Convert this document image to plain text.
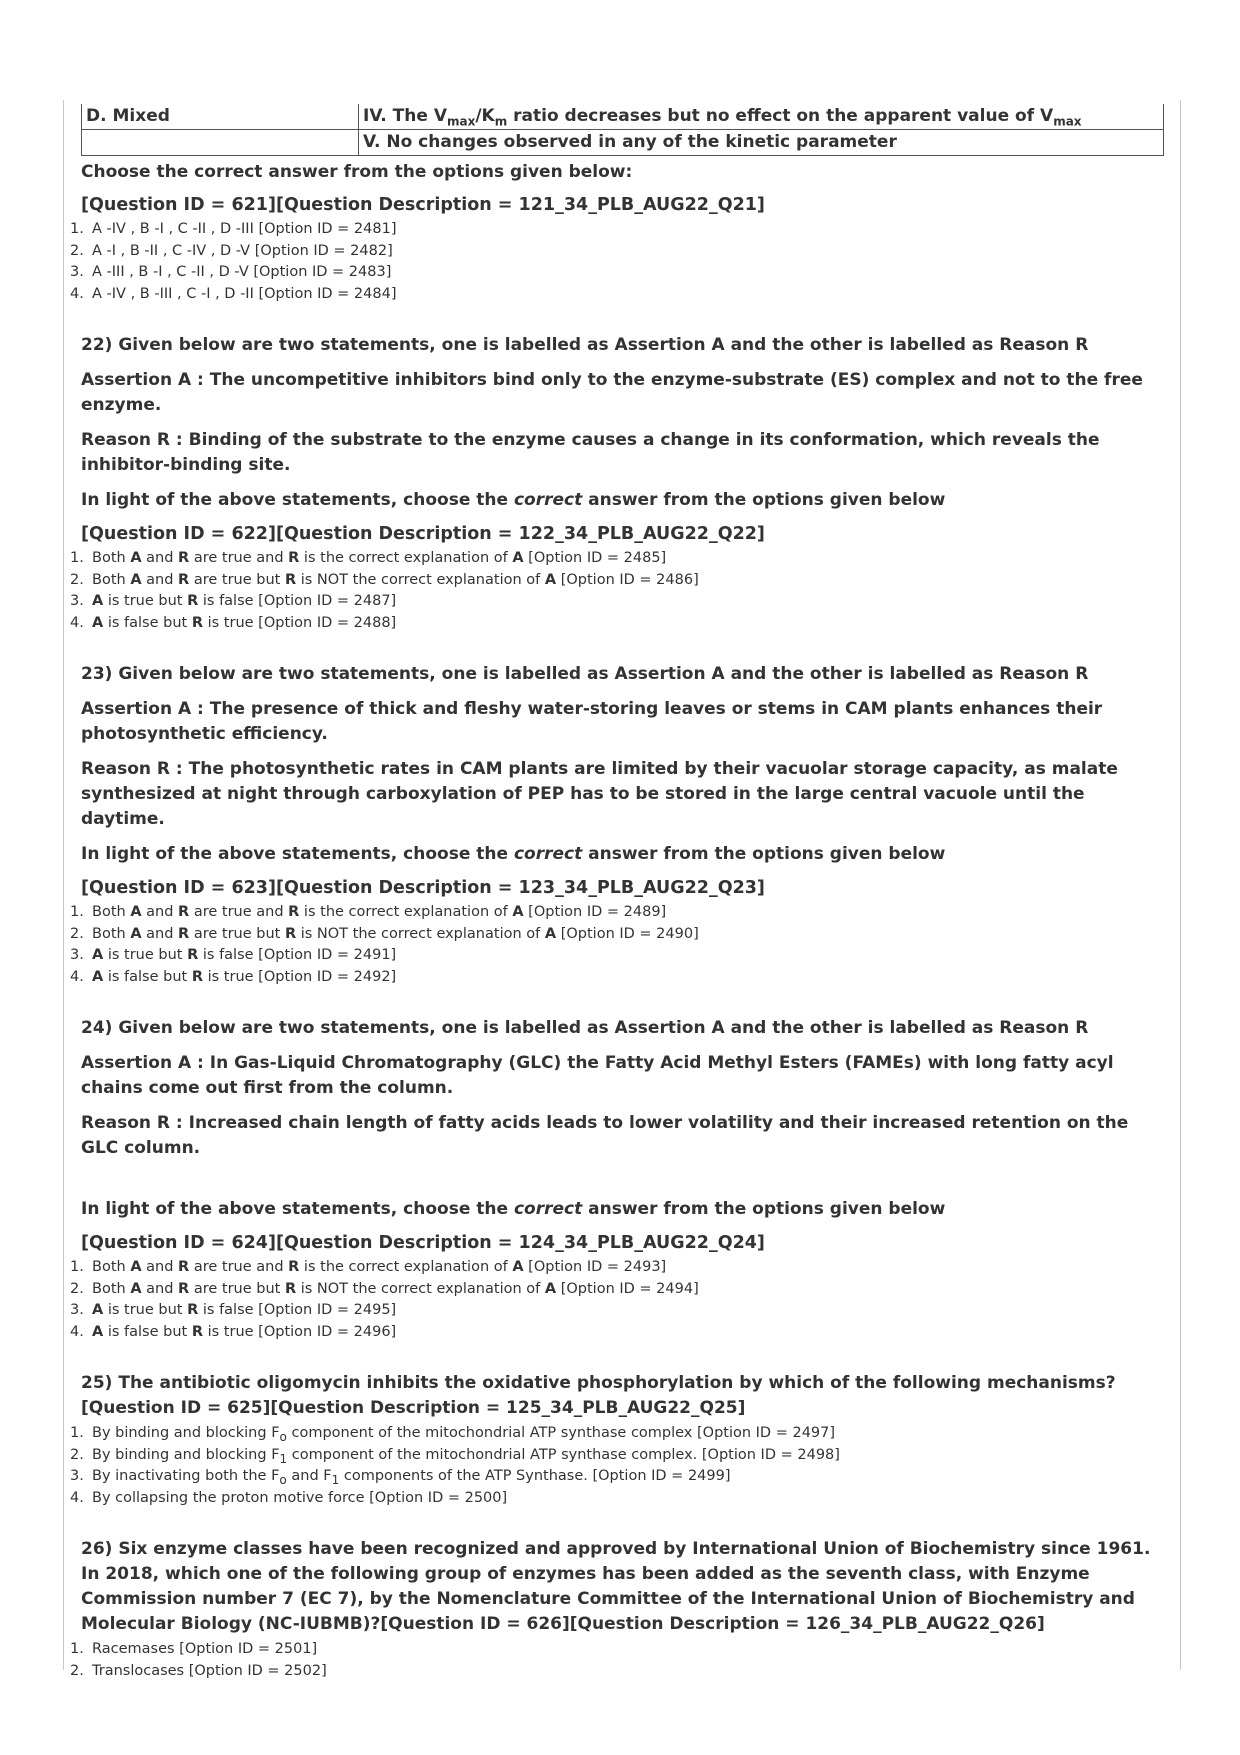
D. Mixed	IV. The $V_{max}/K_m$ ratio decreases but no effect on the apparent value of $V_{max}$
	V. No changes observed in any of the kinetic parameter
Choose the correct answer from the options given below:
[Question ID = 621][Question Description = 121_34_PLB_AUG22_Q21]
1. A -IV , B -I , C -II , D -III [Option ID = 2481]
2. A -I , B -II , C -IV , D -V [Option ID = 2482]
3. A -III , B -I , C -II , D -V [Option ID = 2483]
4. A -IV , B -III , C -I , D -II [Option ID = 2484]
22) Given below are two statements, one is labelled as Assertion A and the other is labelled as Reason R
Assertion A : The uncompetitive inhibitors bind only to the enzyme-substrate (ES) complex and not to the free enzyme.
Reason R : Binding of the substrate to the enzyme causes a change in its conformation, which reveals the inhibitor-binding site.
In light of the above statements, choose the correct answer from the options given below
[Question ID = 622][Question Description = 122_34_PLB_AUG22_Q22]
1. Both A and R are true and R is the correct explanation of A [Option ID = 2485]
2. Both A and R are true but R is NOT the correct explanation of A [Option ID = 2486]
3. A is true but R is false [Option ID = 2487]
4. A is false but R is true [Option ID = 2488]
23) Given below are two statements, one is labelled as Assertion A and the other is labelled as Reason R
Assertion A : The presence of thick and fleshy water-storing leaves or stems in CAM plants enhances their photosynthetic efficiency.
Reason R : The photosynthetic rates in CAM plants are limited by their vacuolar storage capacity, as malate synthesized at night through carboxylation of PEP has to be stored in the large central vacuole until the daytime.
In light of the above statements, choose the correct answer from the options given below
[Question ID = 623][Question Description = 123_34_PLB_AUG22_Q23]
1. Both A and R are true and R is the correct explanation of A [Option ID = 2489]
2. Both A and R are true but R is NOT the correct explanation of A [Option ID = 2490]
3. A is true but R is false [Option ID = 2491]
4. A is false but R is true [Option ID = 2492]
24) Given below are two statements, one is labelled as Assertion A and the other is labelled as Reason R
Assertion A : In Gas-Liquid Chromatography (GLC) the Fatty Acid Methyl Esters (FAMEs) with long fatty acyl chains come out first from the column.
Reason R : Increased chain length of fatty acids leads to lower volatility and their increased retention on the GLC column.
In light of the above statements, choose the correct answer from the options given below
[Question ID = 624][Question Description = 124_34_PLB_AUG22_Q24]
1. Both A and R are true and R is the correct explanation of A [Option ID = 2493]
2. Both A and R are true but R is NOT the correct explanation of A [Option ID = 2494]
3. A is true but R is false [Option ID = 2495]
4. A is false but R is true [Option ID = 2496]
25) The antibiotic oligomycin inhibits the oxidative phosphorylation by which of the following mechanisms?[Question ID = 625][Question Description = 125_34_PLB_AUG22_Q25]
1. By binding and blocking $F_o$ component of the mitochondrial ATP synthase complex [Option ID = 2497]
2. By binding and blocking $F_1$ component of the mitochondrial ATP synthase complex. [Option ID = 2498]
3. By inactivating both the $F_o$ and $F_1$ components of the ATP Synthase. [Option ID = 2499]
4. By collapsing the proton motive force [Option ID = 2500]
26) Six enzyme classes have been recognized and approved by International Union of Biochemistry since 1961. In 2018, which one of the following group of enzymes has been added as the seventh class, with Enzyme Commission number 7 (EC 7), by the Nomenclature Committee of the International Union of Biochemistry and Molecular Biology (NC-IUBMB)?[Question ID = 626][Question Description = 126_34_PLB_AUG22_Q26]
1. Racemases [Option ID = 2501]
2. Translocases [Option ID = 2502]
